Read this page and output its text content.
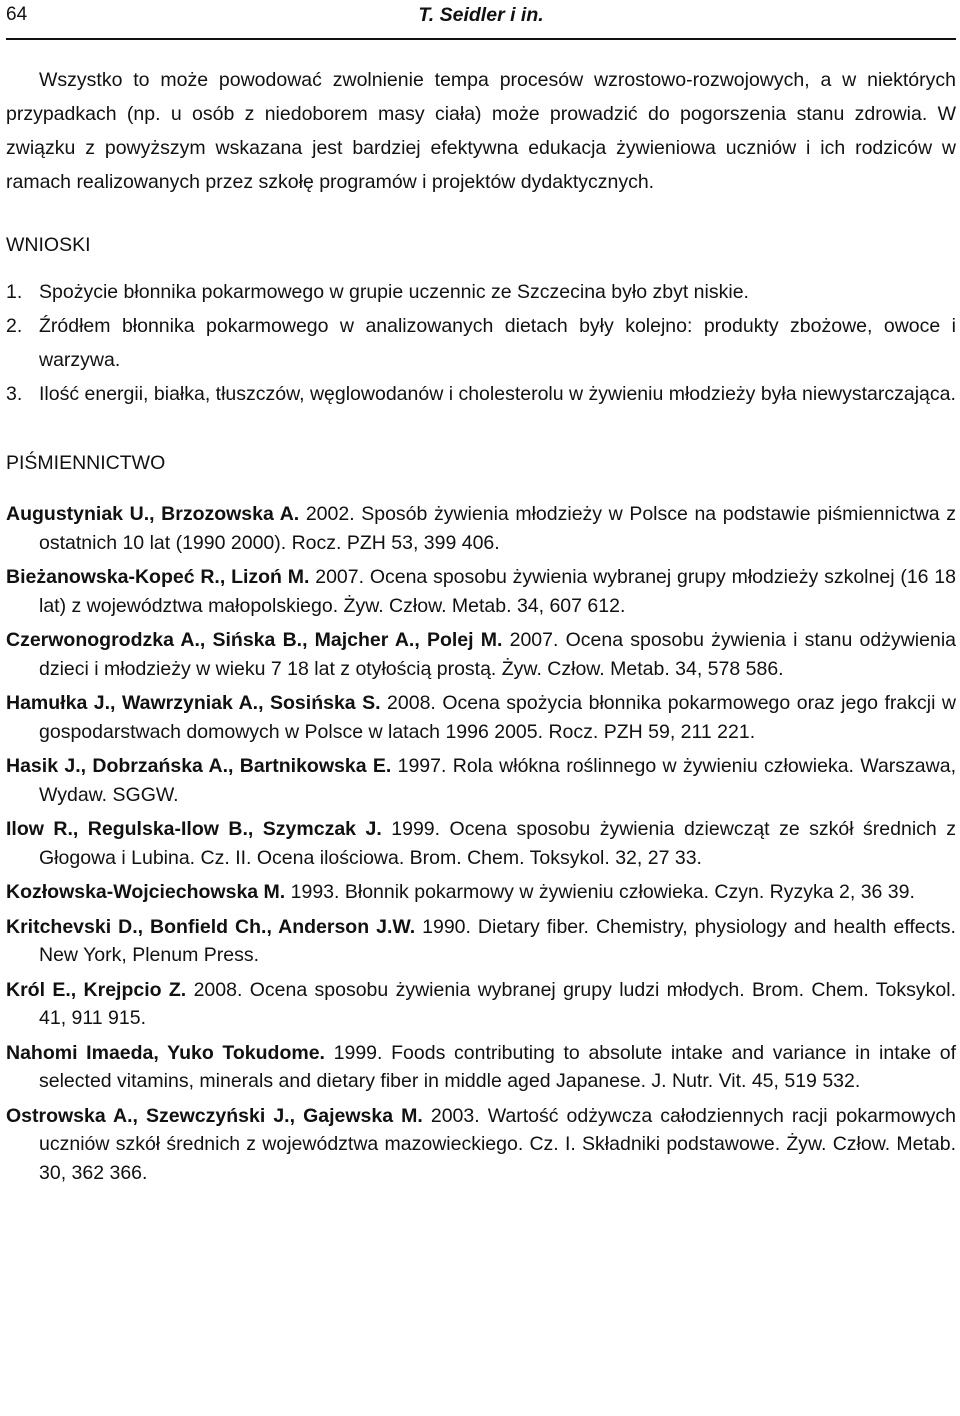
64	T. Seidler i in.

Wszystko to może powodować zwolnienie tempa procesów wzrostowo-rozwojowych, a w niektórych przypadkach (np. u osób z niedoborem masy ciała) może prowadzić do pogorszenia stanu zdrowia. W związku z powyższym wskazana jest bardziej efektywna edukacja żywieniowa uczniów i ich rodziców w ramach realizowanych przez szkołę programów i projektów dydaktycznych.

WNIOSKI
1. Spożycie błonnika pokarmowego w grupie uczennic ze Szczecina było zbyt niskie.
2. Źródłem błonnika pokarmowego w analizowanych dietach były kolejno: produkty zbożowe, owoce i warzywa.
3. Ilość energii, białka, tłuszczów, węglowodanów i cholesterolu w żywieniu młodzieży była niewystarczająca.
PIŚMIENNICTWO
Augustyniak U., Brzozowska A. 2002. Sposób żywienia młodzieży w Polsce na podstawie piśmiennictwa z ostatnich 10 lat (1990 2000). Rocz. PZH 53, 399 406.
Bieżanowska-Kopeć R., Lizoń M. 2007. Ocena sposobu żywienia wybranej grupy młodzieży szkolnej (16 18 lat) z województwa małopolskiego. Żyw. Człow. Metab. 34, 607 612.
Czerwonogrodzka A., Sińska B., Majcher A., Polej M. 2007. Ocena sposobu żywienia i stanu odżywienia dzieci i młodzieży w wieku 7 18 lat z otyłością prostą. Żyw. Człow. Metab. 34, 578 586.
Hamułka J., Wawrzyniak A., Sosińska S. 2008. Ocena spożycia błonnika pokarmowego oraz jego frakcji w gospodarstwach domowych w Polsce w latach 1996 2005. Rocz. PZH 59, 211 221.
Hasik J., Dobrzańska A., Bartnikowska E. 1997. Rola włókna roślinnego w żywieniu człowieka. Warszawa, Wydaw. SGGW.
Ilow R., Regulska-Ilow B., Szymczak J. 1999. Ocena sposobu żywienia dziewcząt ze szkół średnich z Głogowa i Lubina. Cz. II. Ocena ilościowa. Brom. Chem. Toksykol. 32, 27 33.
Kozłowska-Wojciechowska M. 1993. Błonnik pokarmowy w żywieniu człowieka. Czyn. Ryzyka 2, 36 39.
Kritchevski D., Bonfield Ch., Anderson J.W. 1990. Dietary fiber. Chemistry, physiology and health effects. New York, Plenum Press.
Król E., Krejpcio Z. 2008. Ocena sposobu żywienia wybranej grupy ludzi młodych. Brom. Chem. Toksykol. 41, 911 915.
Nahomi Imaeda, Yuko Tokudome. 1999. Foods contributing to absolute intake and variance in intake of selected vitamins, minerals and dietary fiber in middle aged Japanese. J. Nutr. Vit. 45, 519 532.
Ostrowska A., Szewczyński J., Gajewska M. 2003. Wartość odżywcza całodziennych racji pokarmowych uczniów szkół średnich z województwa mazowieckiego. Cz. I. Składniki podstawowe. Żyw. Człow. Metab. 30, 362 366.
